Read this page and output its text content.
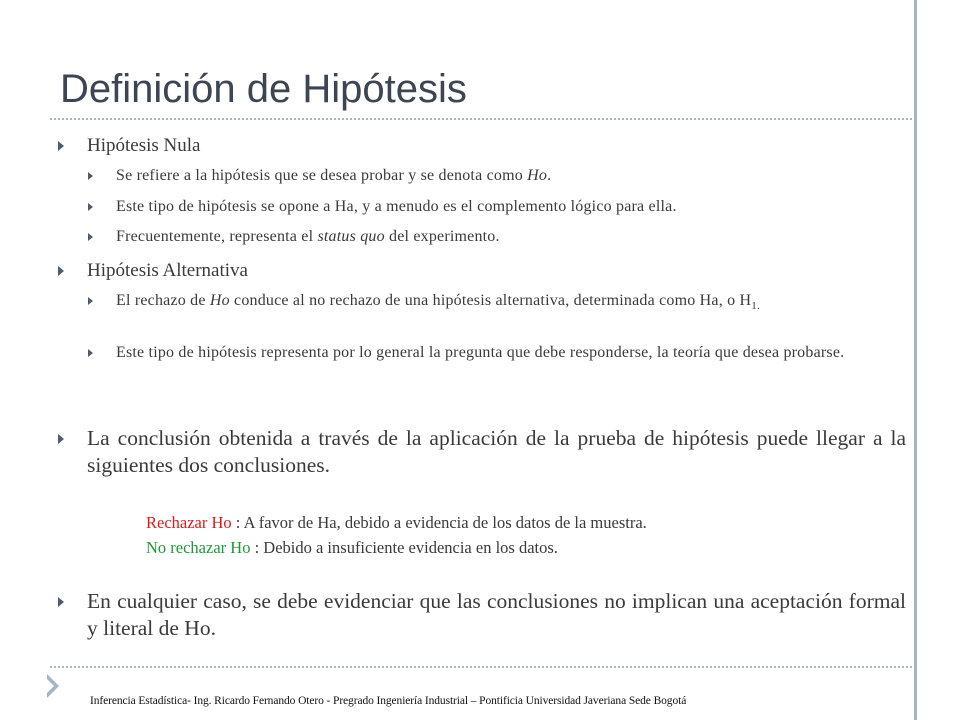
Definición de Hipótesis
Hipótesis Nula
Se refiere a la hipótesis que se desea probar y se denota como Ho.
Este tipo de hipótesis se opone a Ha, y a menudo es el complemento lógico para ella.
Frecuentemente, representa el status quo del experimento.
Hipótesis Alternativa
El rechazo de Ho conduce al no rechazo de una hipótesis alternativa, determinada como Ha, o $H_{1.}$
Este tipo de hipótesis representa por lo general la pregunta que debe responderse, la teoría que desea probarse.
La conclusión obtenida a través de la aplicación de la prueba de hipótesis puede llegar a la siguientes dos conclusiones.
Rechazar Ho : A favor de Ha, debido a evidencia de los datos de la muestra.
No rechazar Ho : Debido a insuficiente evidencia en los datos.
En cualquier caso, se debe evidenciar que las conclusiones no implican una aceptación formal y literal de Ho.
Inferencia Estadística- Ing. Ricardo Fernando Otero - Pregrado Ingeniería Industrial – Pontificia Universidad Javeriana Sede Bogotá
